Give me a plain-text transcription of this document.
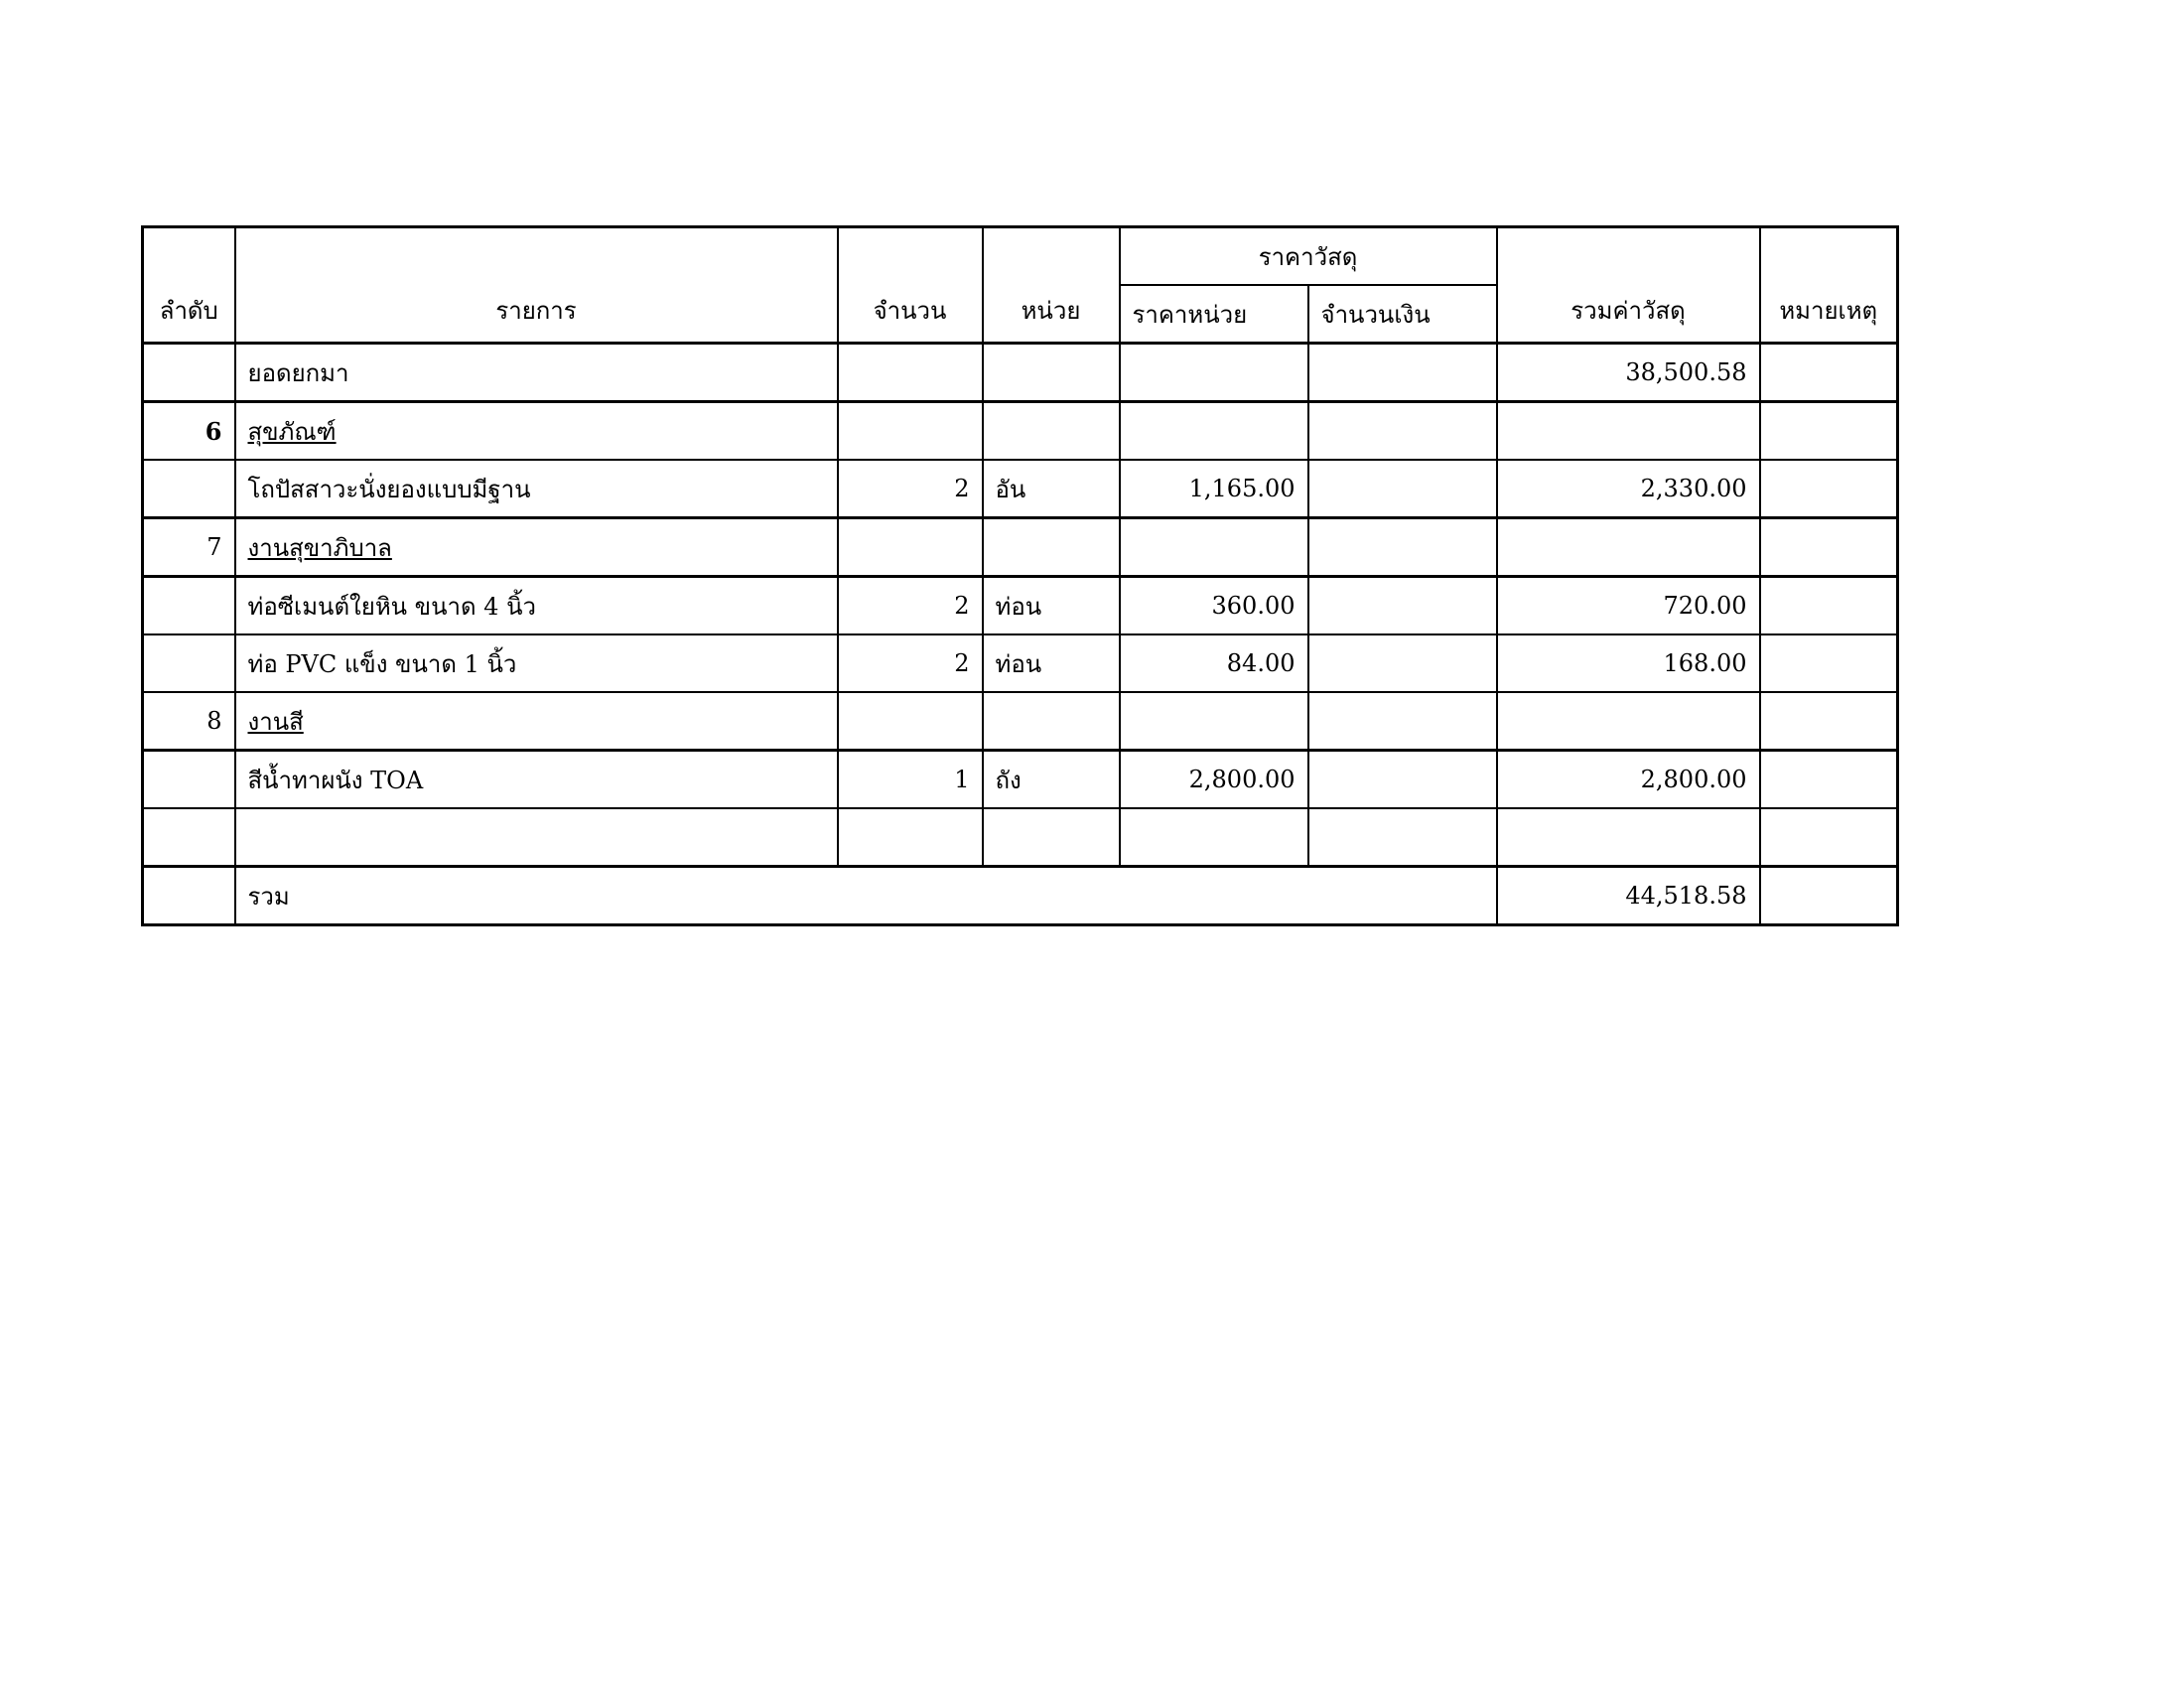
ลำดับ	รายการ	จำนวน	หน่วย	ราคาวัสดุ		รวมค่าวัสดุ	หมายเหตุ
				ราคาหน่วย	จำนวนเงิน		
	ยอดยกมา					38,500.58	
6	สุขภัณฑ์						
	โถปัสสาวะนั่งยองแบบมีฐาน	2	อัน	1,165.00		2,330.00	
7	งานสุขาภิบาล						
	ท่อซีเมนต์ใยหิน ขนาด 4 นิ้ว	2	ท่อน	360.00		720.00	
	ท่อ PVC แข็ง ขนาด 1 นิ้ว	2	ท่อน	84.00		168.00	
8	งานสี						
	สีน้ำทาผนัง TOA	1	ถัง	2,800.00		2,800.00	

	รวม					44,518.58	
